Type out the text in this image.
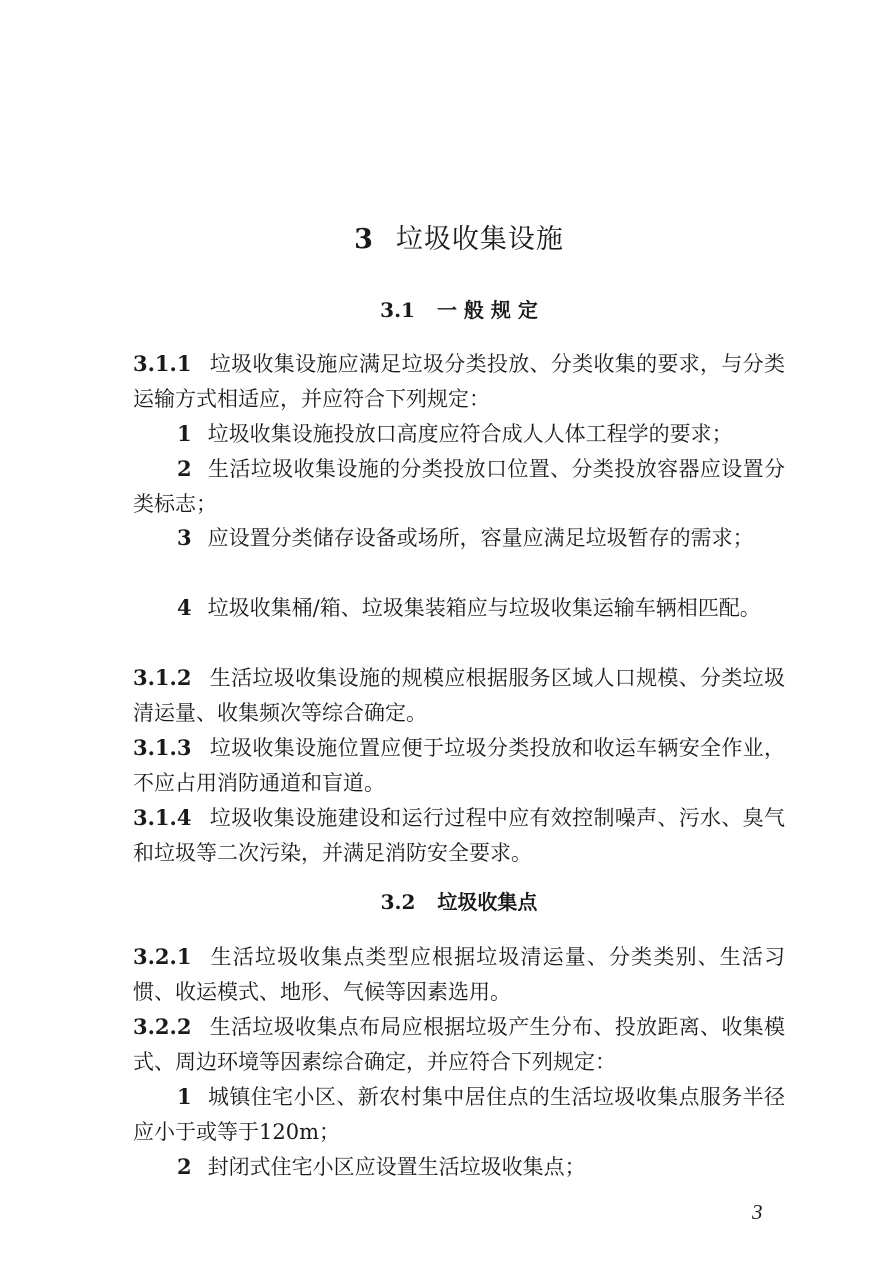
3 垃圾收集设施
3.1 一 般 规 定

3.1.1 垃圾收集设施应满足垃圾分类投放、分类收集的要求，与分类运输方式相适应，并应符合下列规定：

1 垃圾收集设施投放口高度应符合成人人体工程学的要求；

2 生活垃圾收集设施的分类投放口位置、分类投放容器应设置分类标志；

3 应设置分类储存设备或场所，容量应满足垃圾暂存的需求；

4 垃圾收集桶/箱、垃圾集装箱应与垃圾收集运输车辆相匹配。

3.1.2 生活垃圾收集设施的规模应根据服务区域人口规模、分类垃圾清运量、收集频次等综合确定。

3.1.3 垃圾收集设施位置应便于垃圾分类投放和收运车辆安全作业，不应占用消防通道和盲道。

3.1.4 垃圾收集设施建设和运行过程中应有效控制噪声、污水、臭气和垃圾等二次污染，并满足消防安全要求。

3.2 垃圾收集点

3.2.1 生活垃圾收集点类型应根据垃圾清运量、分类类别、生活习惯、收运模式、地形、气候等因素选用。

3.2.2 生活垃圾收集点布局应根据垃圾产生分布、投放距离、收集模式、周边环境等因素综合确定，并应符合下列规定：

1 城镇住宅小区、新农村集中居住点的生活垃圾收集点服务半径应小于或等于120m；

2 封闭式住宅小区应设置生活垃圾收集点；

3
